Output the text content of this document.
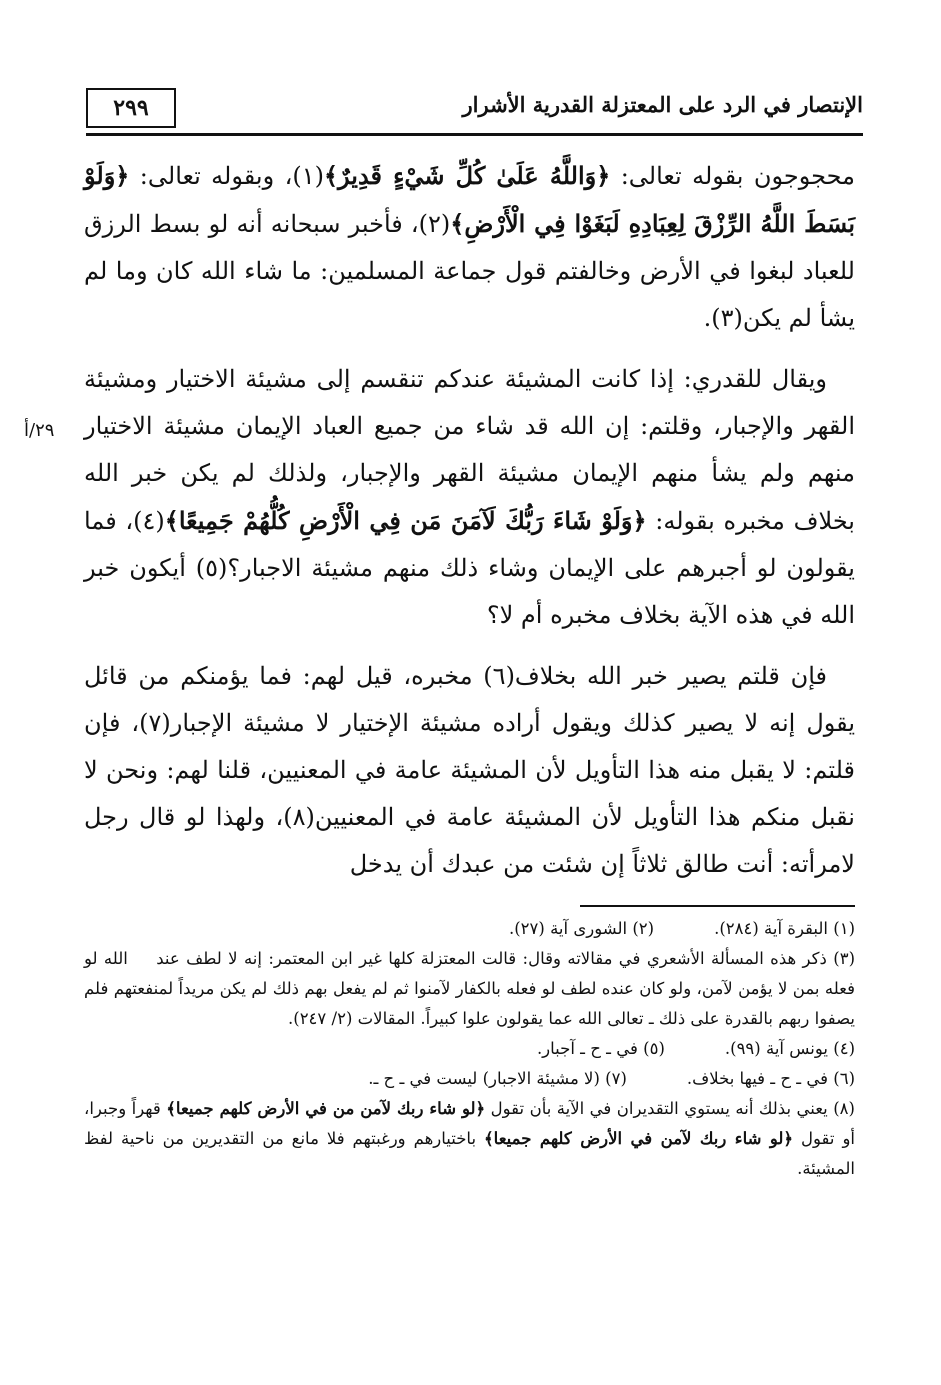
٢٩٩	الإنتصار في الرد على المعتزلة القدرية الأشرار
٢٩/أ

محجوجون بقوله تعالى: ﴿وَاللَّهُ عَلَىٰ كُلِّ شَيْءٍ قَدِيرٌ﴾(١)، وبقوله تعالى: ﴿وَلَوْ بَسَطَ اللَّهُ الرِّزْقَ لِعِبَادِهِ لَبَغَوْا فِي الْأَرْضِ﴾(٢)، فأخبر سبحانه أنه لو بسط الرزق للعباد لبغوا في الأرض وخالفتم قول جماعة المسلمين: ما شاء الله كان وما لم يشأ لم يكن(٣).

ويقال للقدري: إذا كانت المشيئة عندكم تنقسم إلى مشيئة الاختيار ومشيئة القهر والإجبار، وقلتم: إن الله قد شاء من جميع العباد الإيمان مشيئة الاختيار منهم ولم يشأ منهم الإيمان مشيئة القهر والإجبار، ولذلك لم يكن خبر الله بخلاف مخبره بقوله: ﴿وَلَوْ شَاءَ رَبُّكَ لَآمَنَ مَن فِي الْأَرْضِ كُلُّهُمْ جَمِيعًا﴾(٤)، فما يقولون لو أجبرهم على الإيمان وشاء ذلك منهم مشيئة الاجبار؟(٥) أيكون خبر الله في هذه الآية بخلاف مخبره أم لا؟

فإن قلتم يصير خبر الله بخلاف(٦) مخبره، قيل لهم: فما يؤمنكم من قائل يقول إنه لا يصير كذلك ويقول أراده مشيئة الإختيار لا مشيئة الإجبار(٧)، فإن قلتم: لا يقبل منه هذا التأويل لأن المشيئة عامة في المعنيين، قلنا لهم: ونحن لا نقبل منكم هذا التأويل لأن المشيئة عامة في المعنيين(٨)، ولهذا لو قال رجل لامرأته: أنت طالق ثلاثاً إن شئت من عبدك أن يدخل

(١) البقرة آية (٢٨٤).

(٢) الشورى آية (٢٧).

(٣) ذكر هذه المسألة الأشعري في مقالاته وقال: قالت المعتزلة كلها غير ابن المعتمر: إنه لا لطف عند الله لو فعله بمن لا يؤمن لآمن، ولو كان عنده لطف لو فعله بالكفار لآمنوا ثم لم يفعل بهم ذلك لم يكن مريداً لمنفعتهم فلم يصفوا ربهم بالقدرة على ذلك ـ تعالى الله عما يقولون علوا كبيراً. المقالات (٢/ ٢٤٧).

(٤) يونس آية (٩٩).

(٥) في ـ ح ـ آجبار.

(٦) في ـ ح ـ فيها بخلاف.

(٧) (لا مشيئة الاجبار) ليست في ـ ح ـ.

(٨) يعني بذلك أنه يستوي التقديران في الآية بأن تقول ﴿لو شاء ربك لآمن من في الأرض كلهم جميعا﴾ قهراً وجبرا، أو تقول ﴿لو شاء ربك لآمن في الأرض كلهم جميعا﴾ باختيارهم ورغبتهم فلا مانع من التقديرين من ناحية لفظ المشيئة.
